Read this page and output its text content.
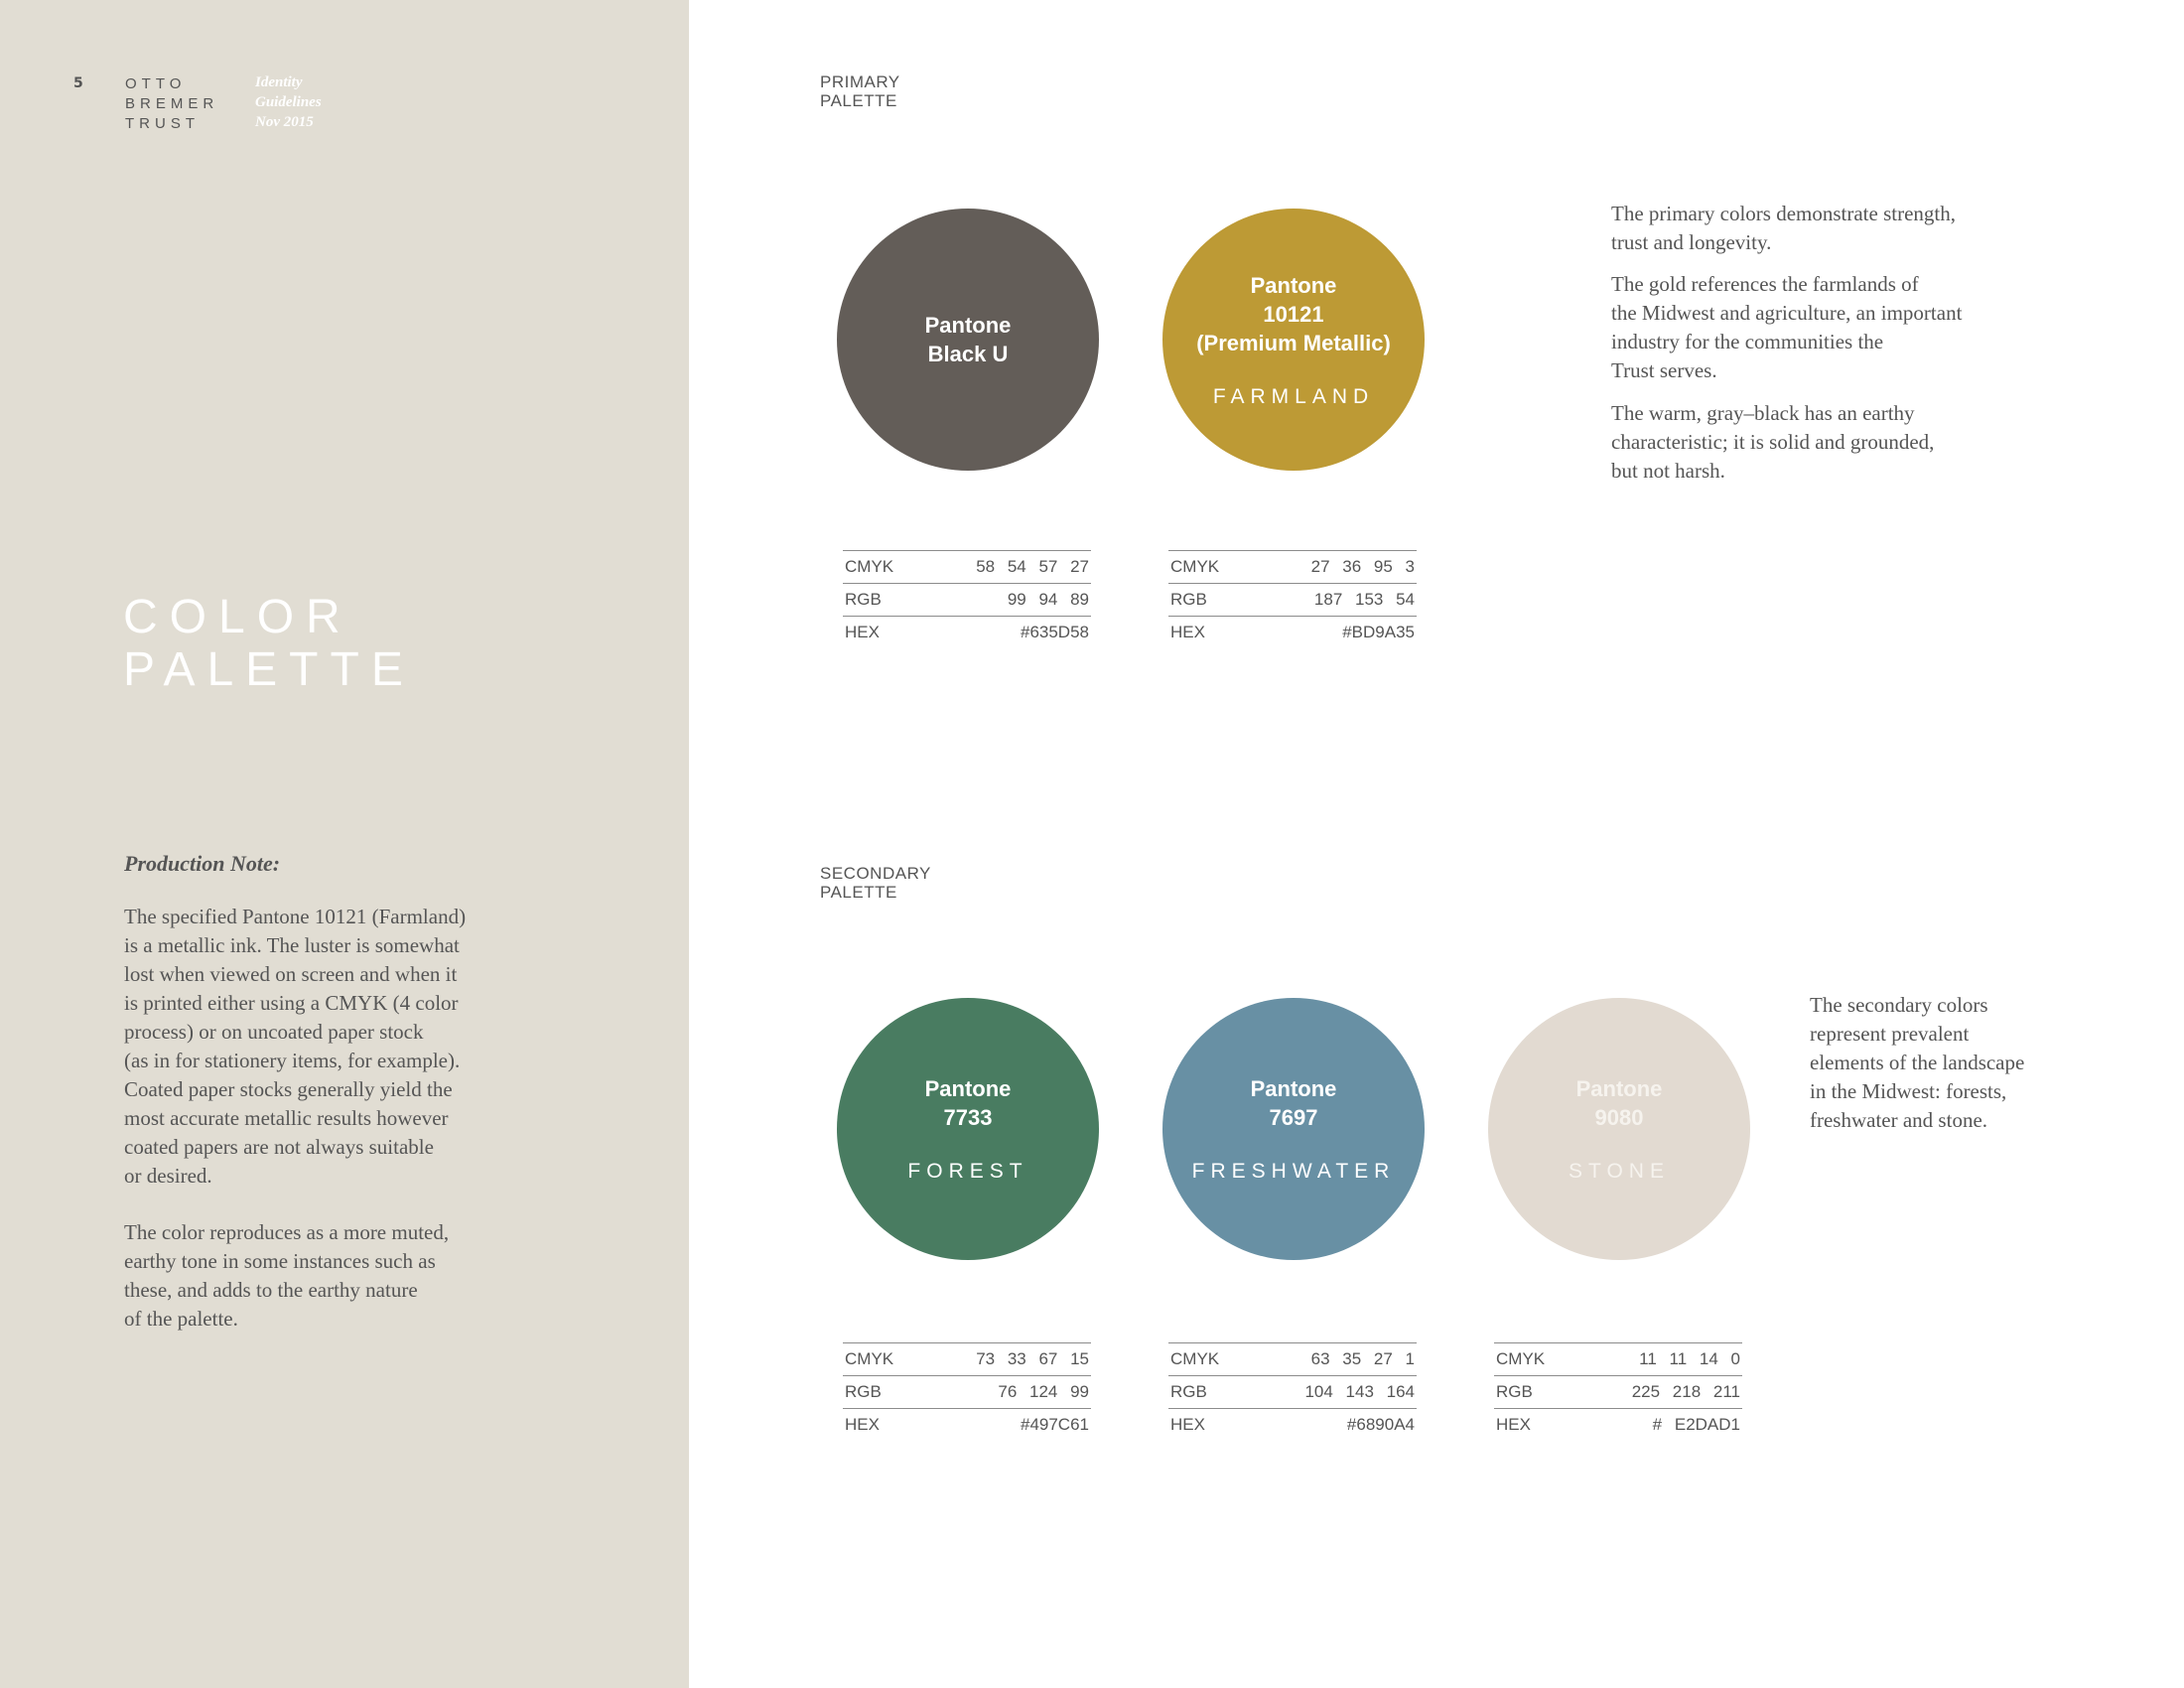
5	OTTO
BREMER
TRUST
Identity
Guidelines
Nov 2015
COLOR
PALETTE
Production Note:

The specified Pantone 10121 (Farmland)
is a metallic ink. The luster is somewhat
lost when viewed on screen and when it
is printed either using a CMYK (4 color
process) or on uncoated paper stock
(as in for stationery items, for example).
Coated paper stocks generally yield the
most accurate metallic results however
coated papers are not always suitable
or desired.

The color reproduces as a more muted,
earthy tone in some instances such as
these, and adds to the earthy nature
of the palette.

PRIMARY
PALETTE
Pantone
Black U
Pantone
10121
(Premium Metallic)
FARMLAND
CMYK	58 54 57 27
RGB	99 94 89
HEX	#635D58
CMYK	27 36 95 3
RGB	187 153 54
HEX	#BD9A35

The primary colors demonstrate strength,
trust and longevity.

The gold references the farmlands of
the Midwest and agriculture, an important
industry for the communities the
Trust serves.

The warm, gray–black has an earthy
characteristic; it is solid and grounded,
but not harsh.

SECONDARY
PALETTE
Pantone
7733
FOREST
Pantone
7697
FRESHWATER
Pantone
9080
STONE
CMYK	73 33 67 15
RGB	76 124 99
HEX	#497C61
CMYK	63 35 27 1
RGB	104 143 164
HEX	#6890A4
CMYK	11 11 14 0
RGB	225 218 211
HEX	# E2DAD1

The secondary colors
represent prevalent
elements of the landscape
in the Midwest: forests,
freshwater and stone.
